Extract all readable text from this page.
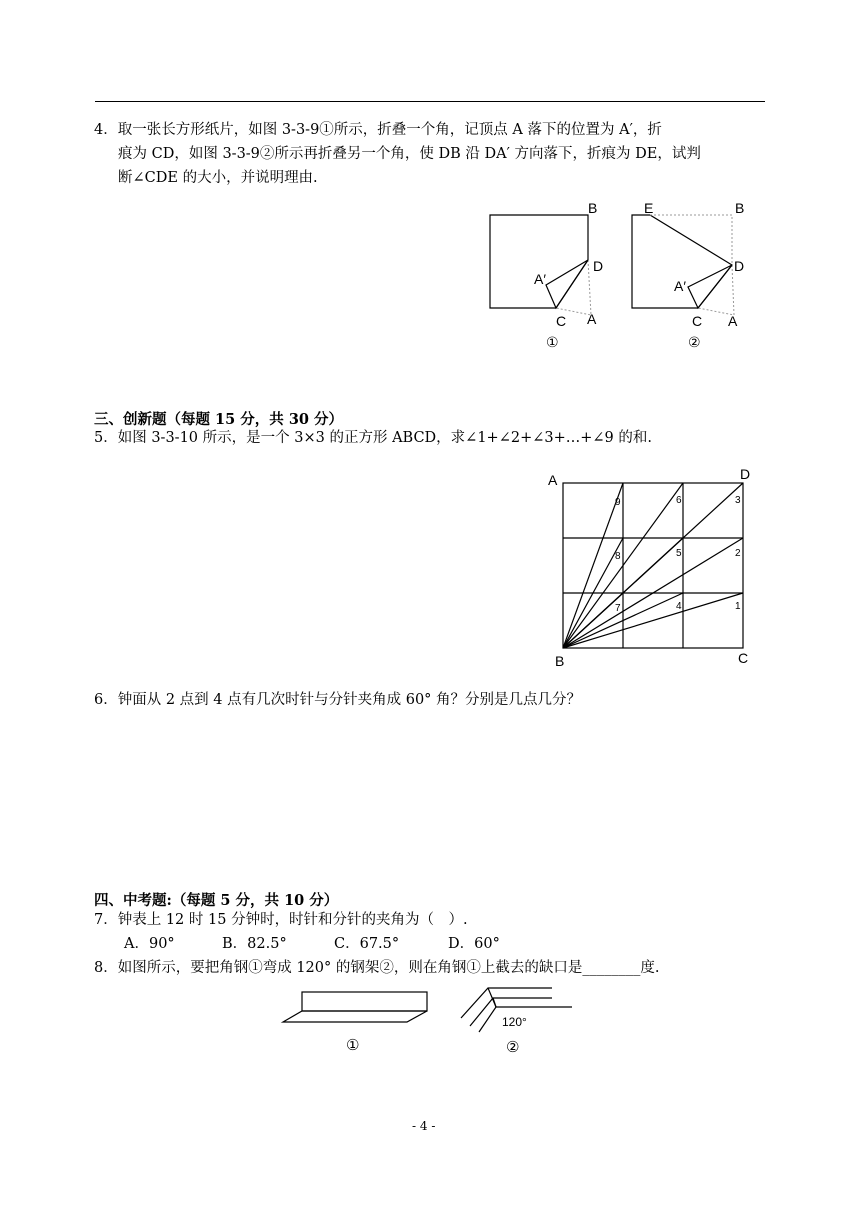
4．取一张长方形纸片，如图 3-3-9①所示，折叠一个角，记顶点 A 落下的位置为 A′，折
痕为 CD，如图 3-3-9②所示再折叠另一个角，使 DB 沿 DA′ 方向落下，折痕为 DE，试判
断∠CDE 的大小，并说明理由.
B
D
A′
C A
①
E	B
D
A′
C A
②
三、创新题（每题 15 分，共 30 分）
5．如图 3-3-10 所示，是一个 3×3 的正方形 ABCD，求∠1+∠2+∠3+…+∠9 的和.
A	D
B	C
1
2
3
4
5
6
7
8
9
6．钟面从 2 点到 4 点有几次时针与分针夹角成 60° 角？分别是几点几分？
四、中考题:（每题 5 分，共 10 分）
7．钟表上 12 时 15 分钟时，时针和分针的夹角为（　）.
A．90°	B．82.5°	C．67.5°	D．60°
8．如图所示，要把角钢①弯成 120° 的钢架②，则在角钢①上截去的缺口是________度.
120°
①	②
- 4 -
